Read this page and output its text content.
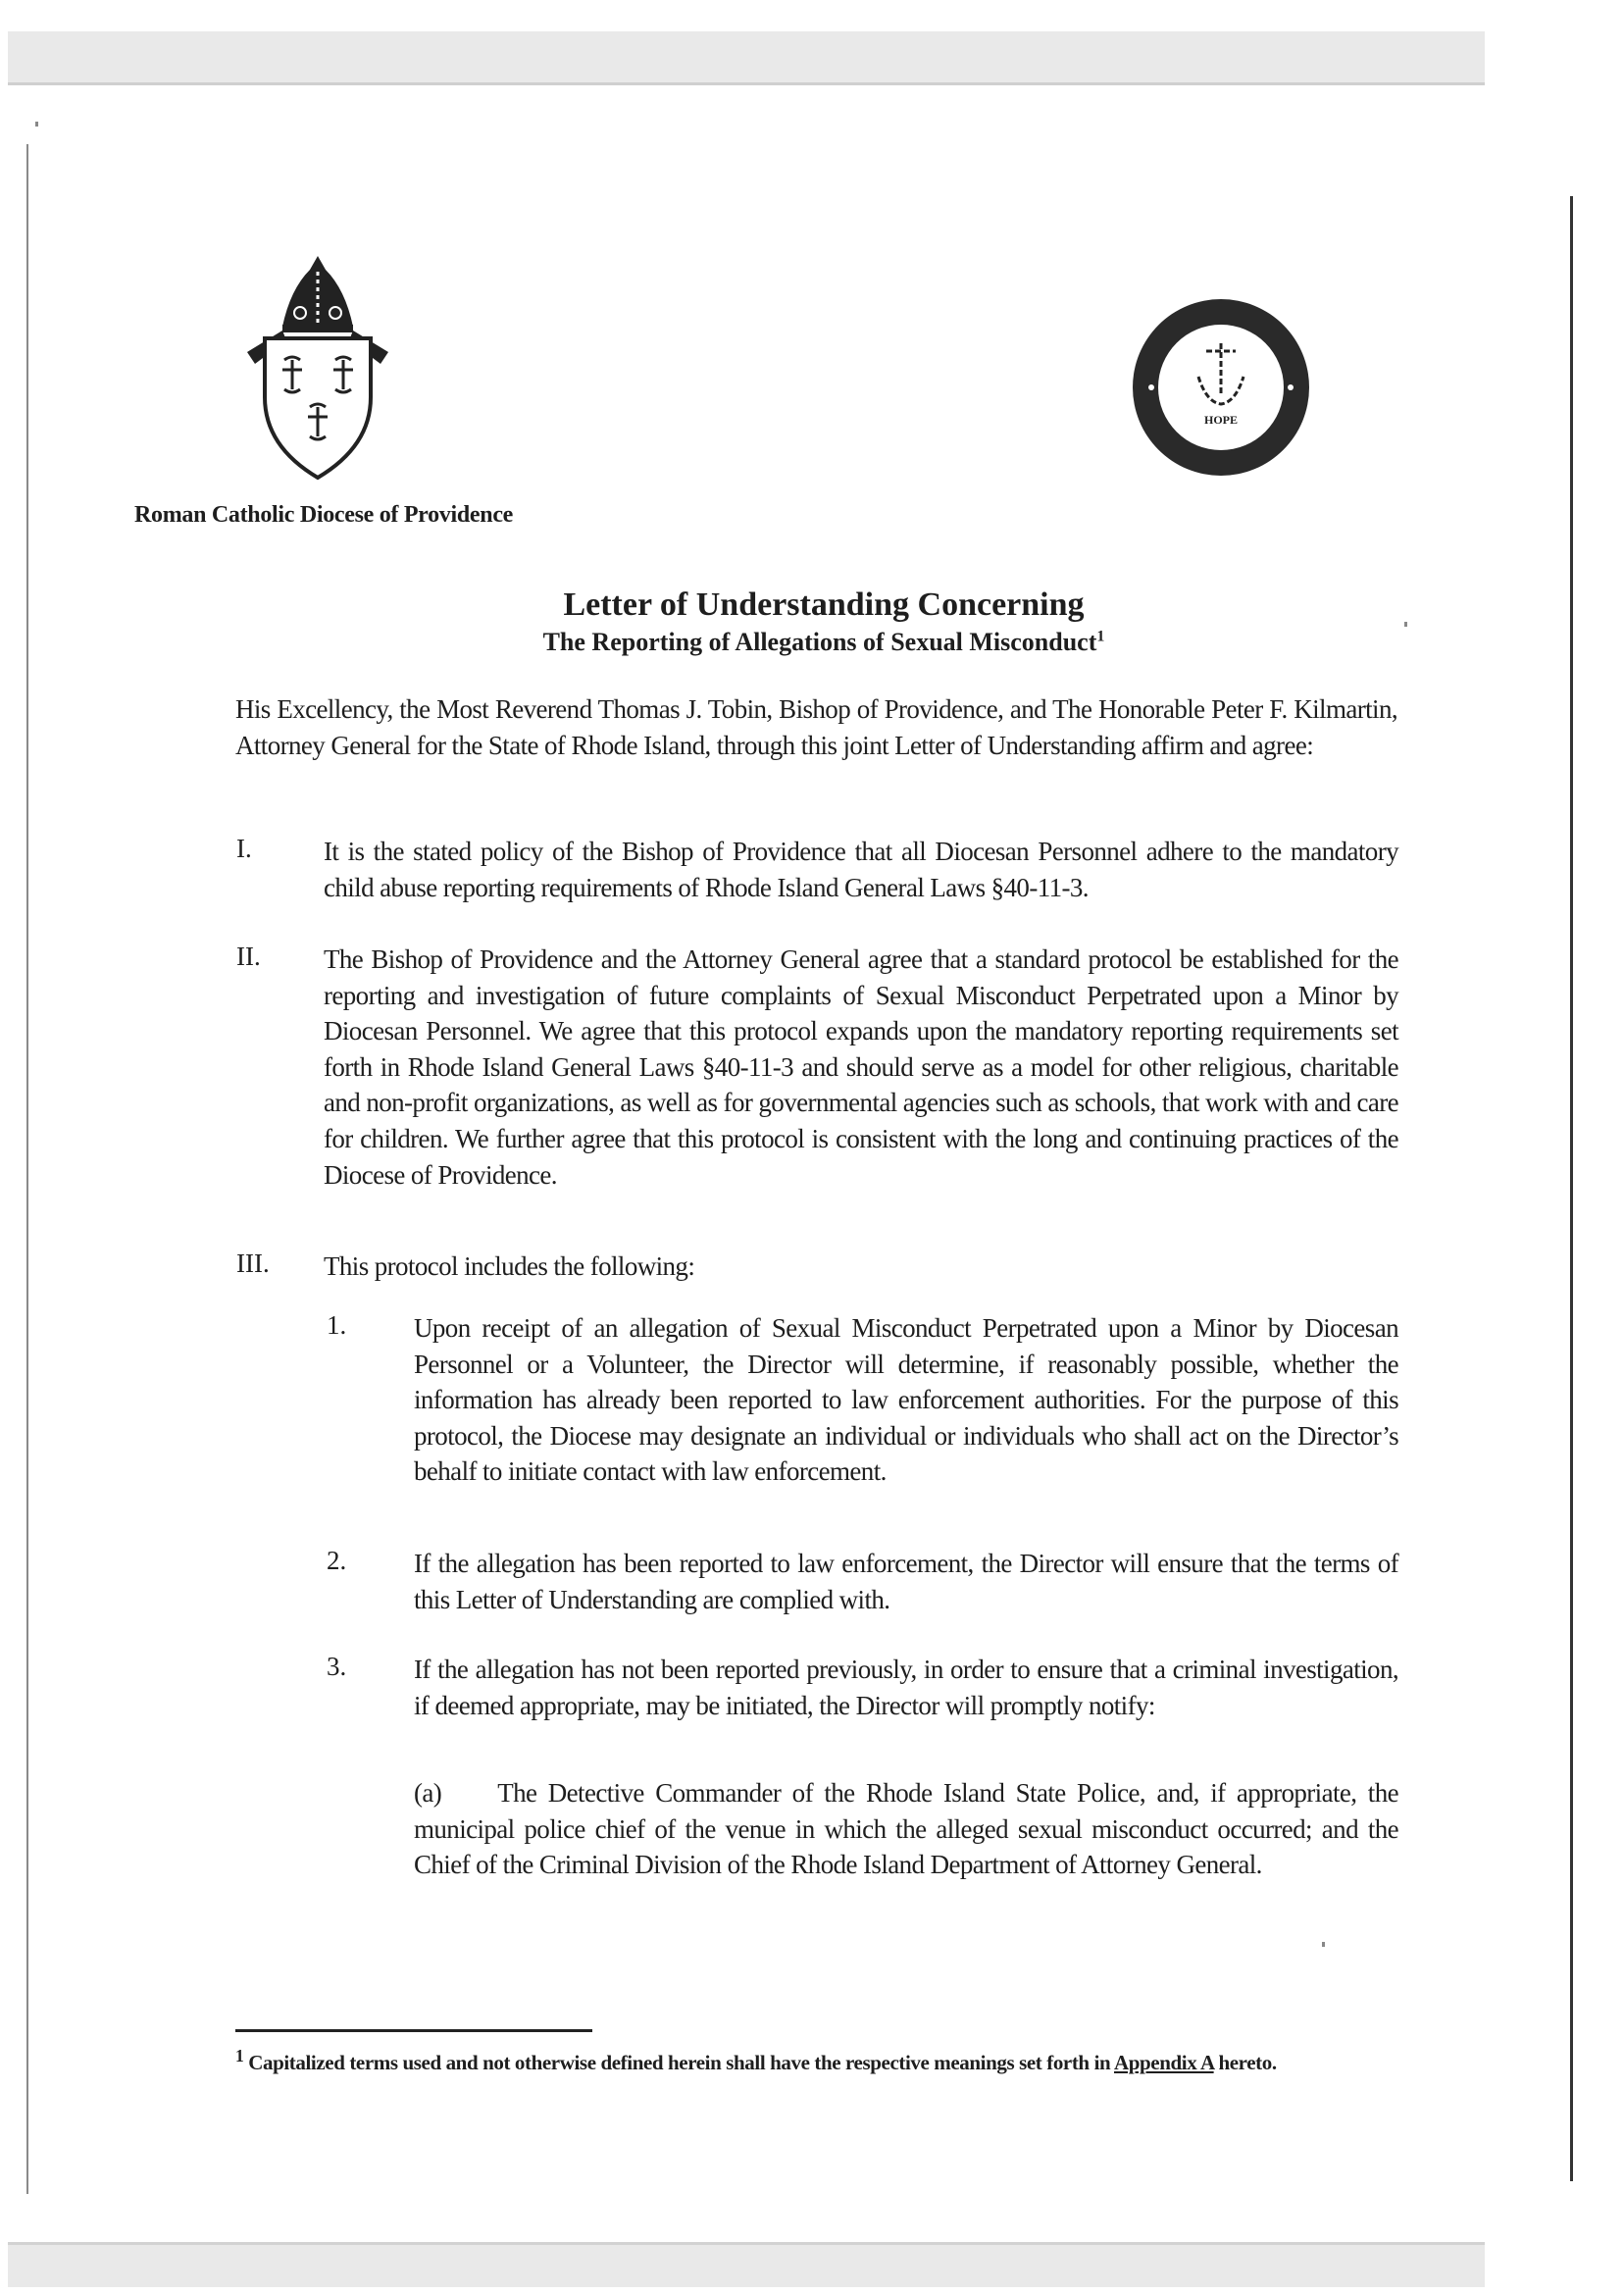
HOPE
Roman Catholic Diocese of Providence
Letter of Understanding Concerning
The Reporting of Allegations of Sexual Misconduct$^1$
His Excellency, the Most Reverend Thomas J. Tobin, Bishop of Providence, and The Honorable Peter F. Kilmartin, Attorney General for the State of Rhode Island, through this joint Letter of Understanding affirm and agree:
I.	It is the stated policy of the Bishop of Providence that all Diocesan Personnel adhere to the mandatory child abuse reporting requirements of Rhode Island General Laws §40-11-3.
II. The Bishop of Providence and the Attorney General agree that a standard protocol be established for the reporting and investigation of future complaints of Sexual Misconduct Perpetrated upon a Minor by Diocesan Personnel. We agree that this protocol expands upon the mandatory reporting requirements set forth in Rhode Island General Laws §40-11-3 and should serve as a model for other religious, charitable and non-profit organizations, as well as for governmental agencies such as schools, that work with and care for children. We further agree that this protocol is consistent with the long and continuing practices of the Diocese of Providence.
III. This protocol includes the following:
1.	Upon receipt of an allegation of Sexual Misconduct Perpetrated upon a Minor by Diocesan Personnel or a Volunteer, the Director will determine, if reasonably possible, whether the information has already been reported to law enforcement authorities. For the purpose of this protocol, the Diocese may designate an individual or individuals who shall act on the Director’s behalf to initiate contact with law enforcement.
2.	If the allegation has been reported to law enforcement, the Director will ensure that the terms of this Letter of Understanding are complied with.
3.	If the allegation has not been reported previously, in order to ensure that a criminal investigation, if deemed appropriate, may be initiated, the Director will promptly notify:
(a) The Detective Commander of the Rhode Island State Police, and, if appropriate, the municipal police chief of the venue in which the alleged sexual misconduct occurred; and the Chief of the Criminal Division of the Rhode Island Department of Attorney General.
$^1$ Capitalized terms used and not otherwise defined herein shall have the respective meanings set forth in Appendix A hereto.
